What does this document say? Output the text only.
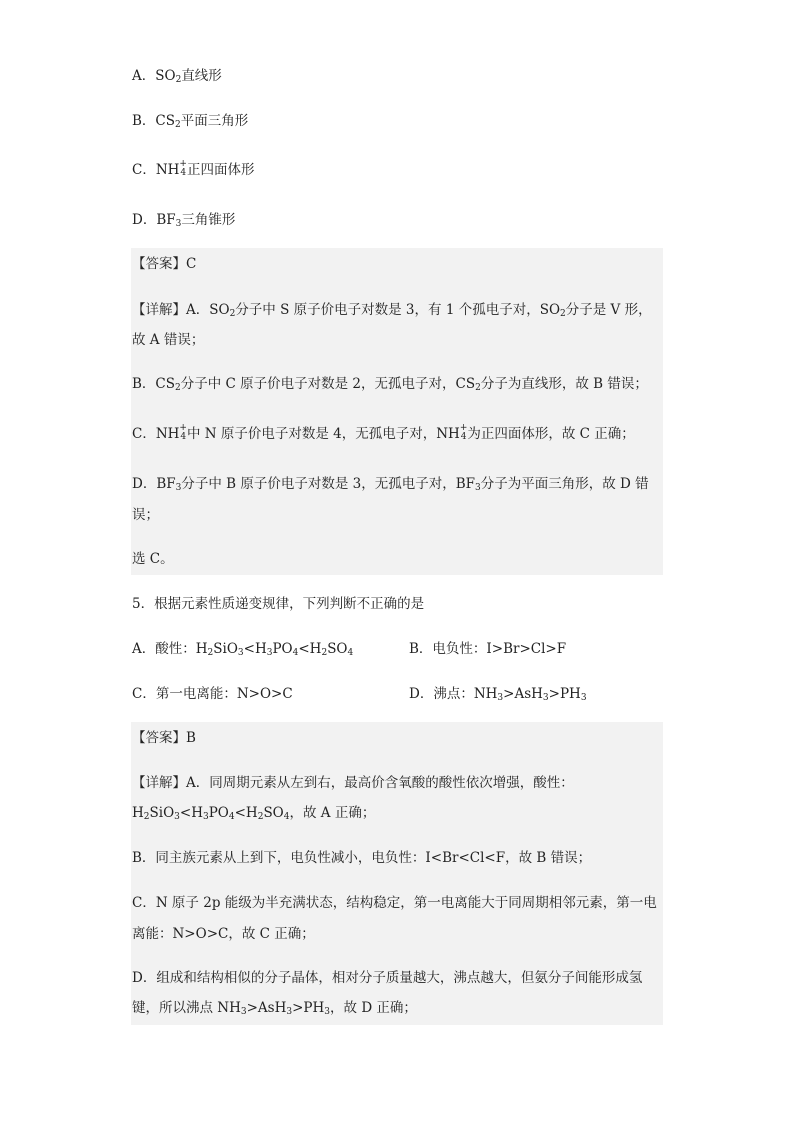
A．$SO_2$直线形
B．$CS_2$平面三角形
C．NH +
4 正四面体形
D．$BF_3$三角锥形
【答案】C
【详解】A．$SO_2$分子中 S 原子价电子对数是 3，有 1 个孤电子对，$SO_2$分子是 V 形，
故 A 错误；
B．$CS_2$分子中 C 原子价电子对数是 2，无孤电子对，$CS_2$分子为直线形，故 B 错误；
C．NH +
4 中 N 原子价电子对数是 4，无孤电子对，NH +
4 为正四面体形，故 C 正确；
D．$BF_3$分子中 B 原子价电子对数是 3，无孤电子对，$BF_3$分子为平面三角形，故 D 错
误；
选 C。
5．根据元素性质递变规律，下列判断不正确的是
A．酸性：$H_2SiO_3<H_3PO_4<H_2SO_4$	B．电负性：I>Br>Cl>F
C．第一电离能：N>O>C	D．沸点：$NH_3>AsH_3>PH_3$
【答案】B
【详解】A．同周期元素从左到右，最高价含氧酸的酸性依次增强，酸性：
$H_2SiO_3<H_3PO_4<H_2SO_4$，故 A 正确；
B．同主族元素从上到下，电负性减小，电负性：I<Br<Cl<F，故 B 错误；
C．N 原子 2p 能级为半充满状态，结构稳定，第一电离能大于同周期相邻元素，第一电
离能：N>O>C，故 C 正确；
D．组成和结构相似的分子晶体，相对分子质量越大，沸点越大，但氨分子间能形成氢
键，所以沸点 $NH_3>AsH_3>PH_3$，故 D 正确；
